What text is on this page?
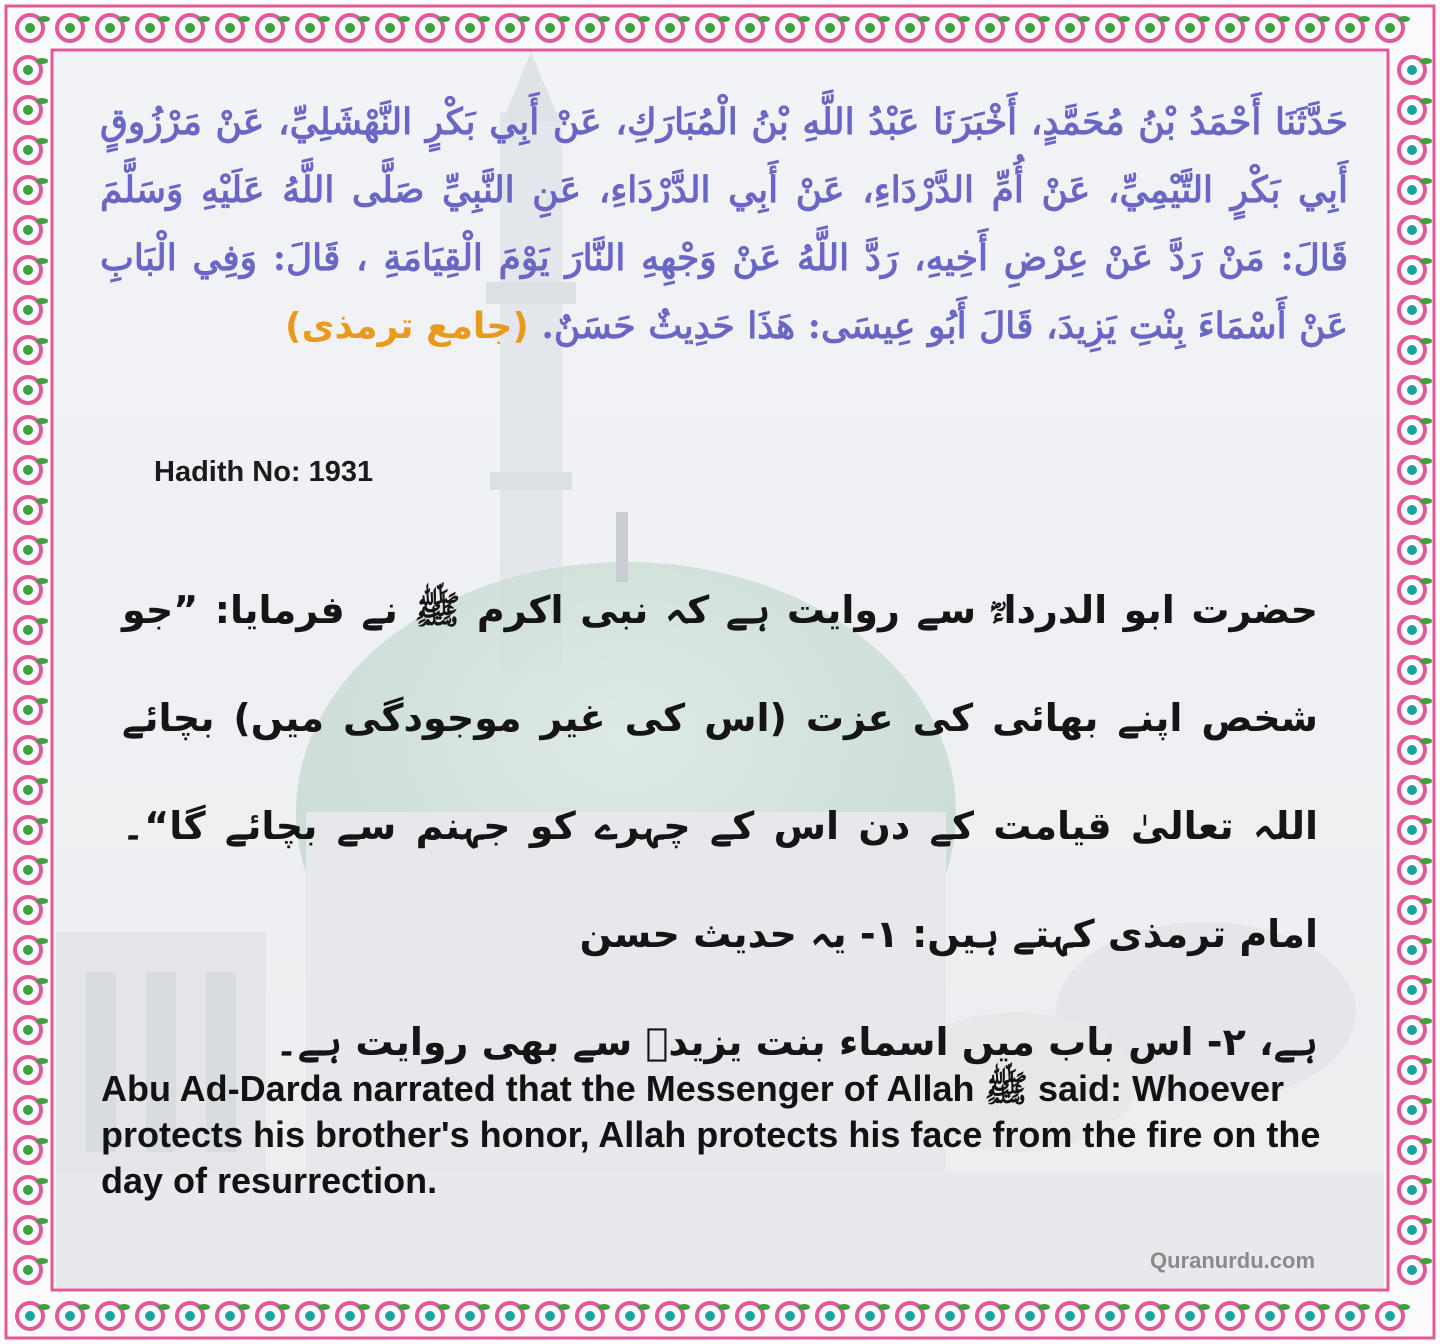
حَدَّثَنَا أَحْمَدُ بْنُ مُحَمَّدٍ، أَخْبَرَنَا عَبْدُ اللَّهِ بْنُ الْمُبَارَكِ، عَنْ أَبِي بَكْرٍ النَّهْشَلِيِّ، عَنْ مَرْزُوقٍ أَبِي بَكْرٍ التَّيْمِيِّ، عَنْ أُمِّ الدَّرْدَاءِ، عَنْ أَبِي الدَّرْدَاءِ، عَنِ النَّبِيِّ صَلَّى اللَّهُ عَلَيْهِ وَسَلَّمَ قَالَ: مَنْ رَدَّ عَنْ عِرْضِ أَخِيهِ، رَدَّ اللَّهُ عَنْ وَجْهِهِ النَّارَ يَوْمَ الْقِيَامَةِ ، قَالَ: وَفِي الْبَابِ عَنْ أَسْمَاءَ بِنْتِ يَزِيدَ، قَالَ أَبُو عِيسَى: هَذَا حَدِيثٌ حَسَنٌ. (جامع ترمذی)
Hadith No: 1931
حضرت ابو الدرداءؓ سے روایت ہے کہ نبی اکرم ﷺ نے فرمایا: ”جو شخص اپنے بھائی کی عزت (اس کی غیر موجودگی میں) بچائے اللہ تعالیٰ قیامت کے دن اس کے چہرے کو جہنم سے بچائے گا“۔ امام ترمذی کہتے ہیں: ۱- یہ حدیث حسن
ہے، ۲- اس باب میں اسماء بنت یزیدؓ سے بھی روایت ہے۔
Abu Ad-Darda narrated that the Messenger of Allah ﷺ said: Whoever protects his brother's honor, Allah protects his face from the fire on the day of resurrection.
Quranurdu.com
